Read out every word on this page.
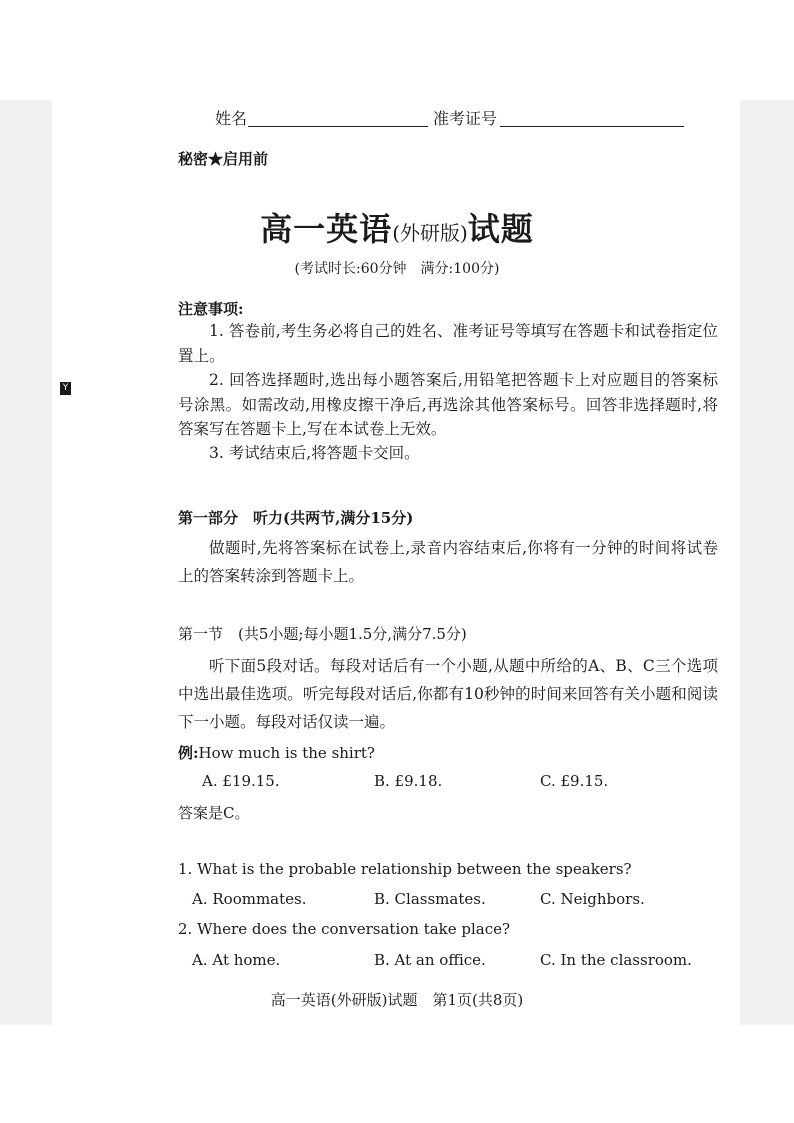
Y
姓名	准考证号
秘密★启用前
高一英语(外研版)试题
(考试时长:60分钟　满分:100分)
注意事项:
1. 答卷前,考生务必将自己的姓名、准考证号等填写在答题卡和试卷指定位置上。
2. 回答选择题时,选出每小题答案后,用铅笔把答题卡上对应题目的答案标号涂黑。如需改动,用橡皮擦干净后,再选涂其他答案标号。回答非选择题时,将答案写在答题卡上,写在本试卷上无效。
3. 考试结束后,将答题卡交回。
第一部分　听力(共两节,满分15分)
做题时,先将答案标在试卷上,录音内容结束后,你将有一分钟的时间将试卷上的答案转涂到答题卡上。
第一节　(共5小题;每小题1.5分,满分7.5分)
听下面5段对话。每段对话后有一个小题,从题中所给的A、B、C三个选项中选出最佳选项。听完每段对话后,你都有10秒钟的时间来回答有关小题和阅读下一小题。每段对话仅读一遍。
例:How much is the shirt?
A. £19.15.	B. £9.18.	C. £9.15.
答案是C。
1. What is the probable relationship between the speakers?
A. Roommates.	B. Classmates.	C. Neighbors.
2. Where does the conversation take place?
A. At home.	B. At an office.	C. In the classroom.
高一英语(外研版)试题　第1页(共8页)
